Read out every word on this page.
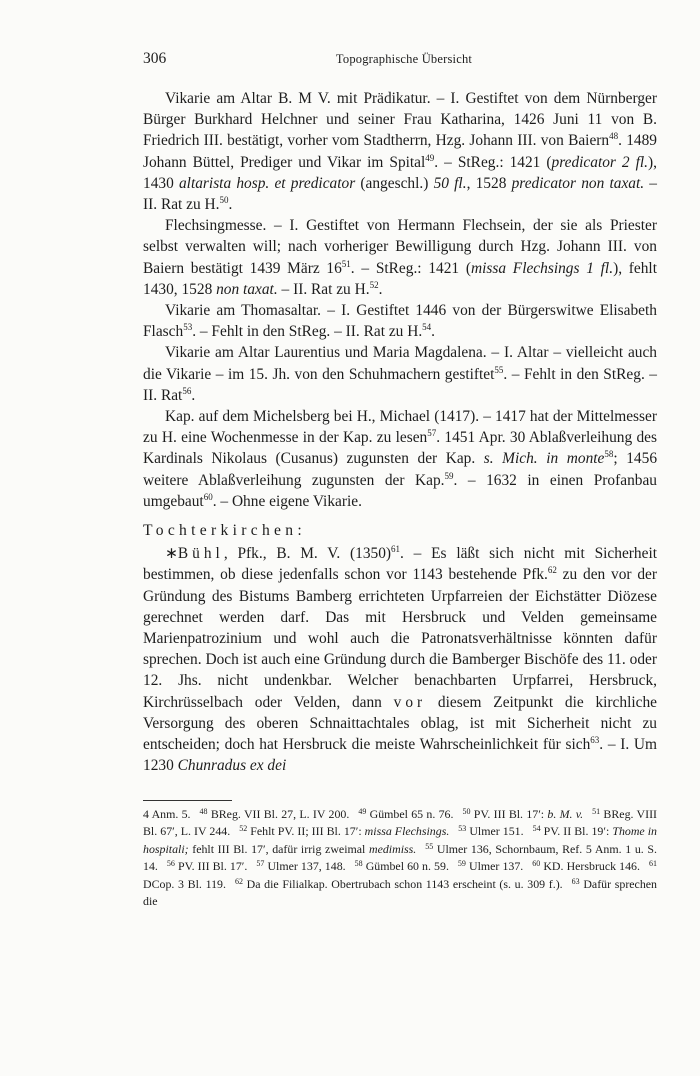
306	Topographische Übersicht

Vikarie am Altar B. M V. mit Prädikatur. – I. Gestiftet von dem Nürnberger Bürger Burkhard Helchner und seiner Frau Katharina, 1426 Juni 11 von B. Friedrich III. bestätigt, vorher vom Stadtherrn, Hzg. Johann III. von Baiern$^{48}$. 1489 Johann Büttel, Prediger und Vikar im Spital$^{49}$. – StReg.: 1421 (predicator 2 fl.), 1430 altarista hosp. et predicator (angeschl.) 50 fl., 1528 predicator non taxat. – II. Rat zu H.$^{50}$.

Flechsingmesse. – I. Gestiftet von Hermann Flechsein, der sie als Priester selbst verwalten will; nach vorheriger Bewilligung durch Hzg. Johann III. von Baiern bestätigt 1439 März $16^{51}$. – StReg.: 1421 (missa Flechsings 1 fl.), fehlt 1430, 1528 non taxat. – II. Rat zu H.$^{52}$.

Vikarie am Thomasaltar. – I. Gestiftet 1446 von der Bürgerswitwe Elisabeth Flasch$^{53}$. – Fehlt in den StReg. – II. Rat zu H.$^{54}$.

Vikarie am Altar Laurentius und Maria Magdalena. – I. Altar – vielleicht auch die Vikarie – im 15. Jh. von den Schuhmachern gestiftet$^{55}$. – Fehlt in den StReg. – II. Rat$^{56}$.

Kap. auf dem Michelsberg bei H., Michael (1417). – 1417 hat der Mittelmesser zu H. eine Wochenmesse in der Kap. zu lesen$^{57}$. 1451 Apr. 30 Ablaßverleihung des Kardinals Nikolaus (Cusanus) zugunsten der Kap. s. Mich. in monte$^{58}$; 1456 weitere Ablaßverleihung zugunsten der Kap.$^{59}$. – 1632 in einen Profanbau umgebaut$^{60}$. – Ohne eigene Vikarie.

Tochterkirchen:

∗Bühl, Pfk., B. M. V. $(1350)^{61}$. – Es läßt sich nicht mit Sicherheit bestimmen, ob diese jedenfalls schon vor 1143 bestehende Pfk.$^{62}$ zu den vor der Gründung des Bistums Bamberg errichteten Urpfarreien der Eichstätter Diözese gerechnet werden darf. Das mit Hersbruck und Velden gemeinsame Marienpatrozinium und wohl auch die Patronatsverhältnisse könnten dafür sprechen. Doch ist auch eine Gründung durch die Bamberger Bischöfe des 11. oder 12. Jhs. nicht undenkbar. Welcher benachbarten Urpfarrei, Hersbruck, Kirchrüsselbach oder Velden, dann vor diesem Zeitpunkt die kirchliche Versorgung des oberen Schnaittachtales oblag, ist mit Sicherheit nicht zu entscheiden; doch hat Hersbruck die meiste Wahrscheinlichkeit für sich$^{63}$. – I. Um 1230 Chunradus ex dei

4 Anm. 5. $^{48}$ BReg. VII Bl. 27, L. IV 200. $^{49}$ Gümbel 65 n. 76. $^{50}$ PV. III Bl. 17′: b. M. v. $^{51}$ BReg. VIII Bl. 67′, L. IV 244. $^{52}$ Fehlt PV. II; III Bl. 17′: missa Flechsings. $^{53}$ Ulmer 151. $^{54}$ PV. II Bl. 19′: Thome in hospitali; fehlt III Bl. 17′, dafür irrig zweimal medimiss. $^{55}$ Ulmer 136, Schornbaum, Ref. 5 Anm. 1 u. S. 14. $^{56}$ PV. III Bl. 17′. $^{57}$ Ulmer 137, 148. $^{58}$ Gümbel 60 n. 59. $^{59}$ Ulmer 137. $^{60}$ KD. Hersbruck 146. $^{61}$ DCop. 3 Bl. 119. $^{62}$ Da die Filialkap. Obertrubach schon 1143 erscheint (s. u. 309 f.). $^{63}$ Dafür sprechen die
